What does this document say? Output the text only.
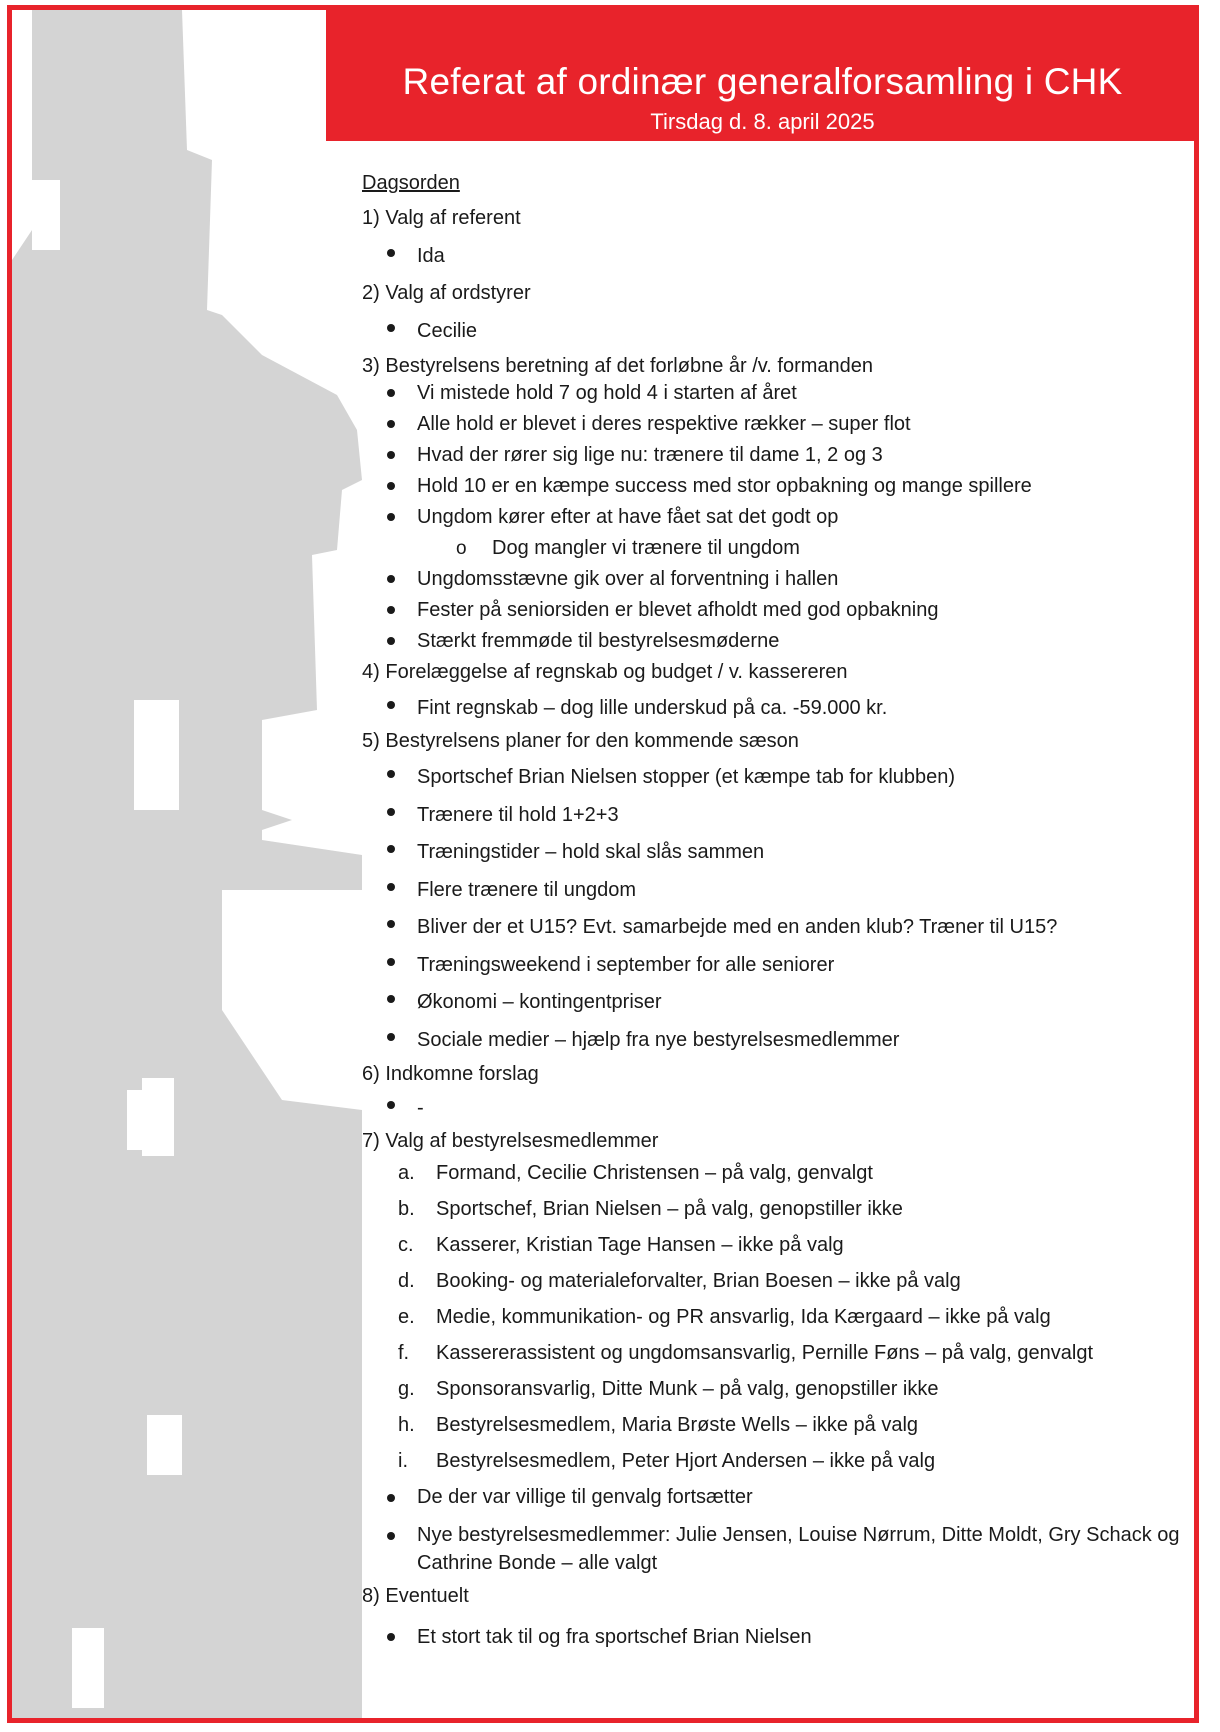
Referat af ordinær generalforsamling i CHK
Tirsdag d. 8. april 2025
Dagsorden
1) Valg af referent
Ida
2) Valg af ordstyrer
Cecilie
3) Bestyrelsens beretning af det forløbne år /v. formanden
Vi mistede hold 7 og hold 4 i starten af året
Alle hold er blevet i deres respektive rækker – super flot
Hvad der rører sig lige nu: trænere til dame 1, 2 og 3
Hold 10 er en kæmpe success med stor opbakning og mange spillere
Ungdom kører efter at have fået sat det godt op
o Dog mangler vi trænere til ungdom
Ungdomsstævne gik over al forventning i hallen
Fester på seniorsiden er blevet afholdt med god opbakning
Stærkt fremmøde til bestyrelsesmøderne
4) Forelæggelse af regnskab og budget / v. kassereren
Fint regnskab – dog lille underskud på ca. -59.000 kr.
5) Bestyrelsens planer for den kommende sæson
Sportschef Brian Nielsen stopper (et kæmpe tab for klubben)
Trænere til hold 1+2+3
Træningstider – hold skal slås sammen
Flere trænere til ungdom
Bliver der et U15? Evt. samarbejde med en anden klub? Træner til U15?
Træningsweekend i september for alle seniorer
Økonomi – kontingentpriser
Sociale medier – hjælp fra nye bestyrelsesmedlemmer
6) Indkomne forslag
-
7) Valg af bestyrelsesmedlemmer
a. Formand, Cecilie Christensen – på valg, genvalgt
b. Sportschef, Brian Nielsen – på valg, genopstiller ikke
c. Kasserer, Kristian Tage Hansen – ikke på valg
d. Booking- og materialeforvalter, Brian Boesen – ikke på valg
e. Medie, kommunikation- og PR ansvarlig, Ida Kærgaard – ikke på valg
f. Kassererassistent og ungdomsansvarlig, Pernille Føns – på valg, genvalgt
g. Sponsoransvarlig, Ditte Munk – på valg, genopstiller ikke
h. Bestyrelsesmedlem, Maria Brøste Wells – ikke på valg
i. Bestyrelsesmedlem, Peter Hjort Andersen – ikke på valg
De der var villige til genvalg fortsætter
Nye bestyrelsesmedlemmer: Julie Jensen, Louise Nørrum, Ditte Moldt, Gry Schack og Cathrine Bonde – alle valgt
8) Eventuelt
Et stort tak til og fra sportschef Brian Nielsen
